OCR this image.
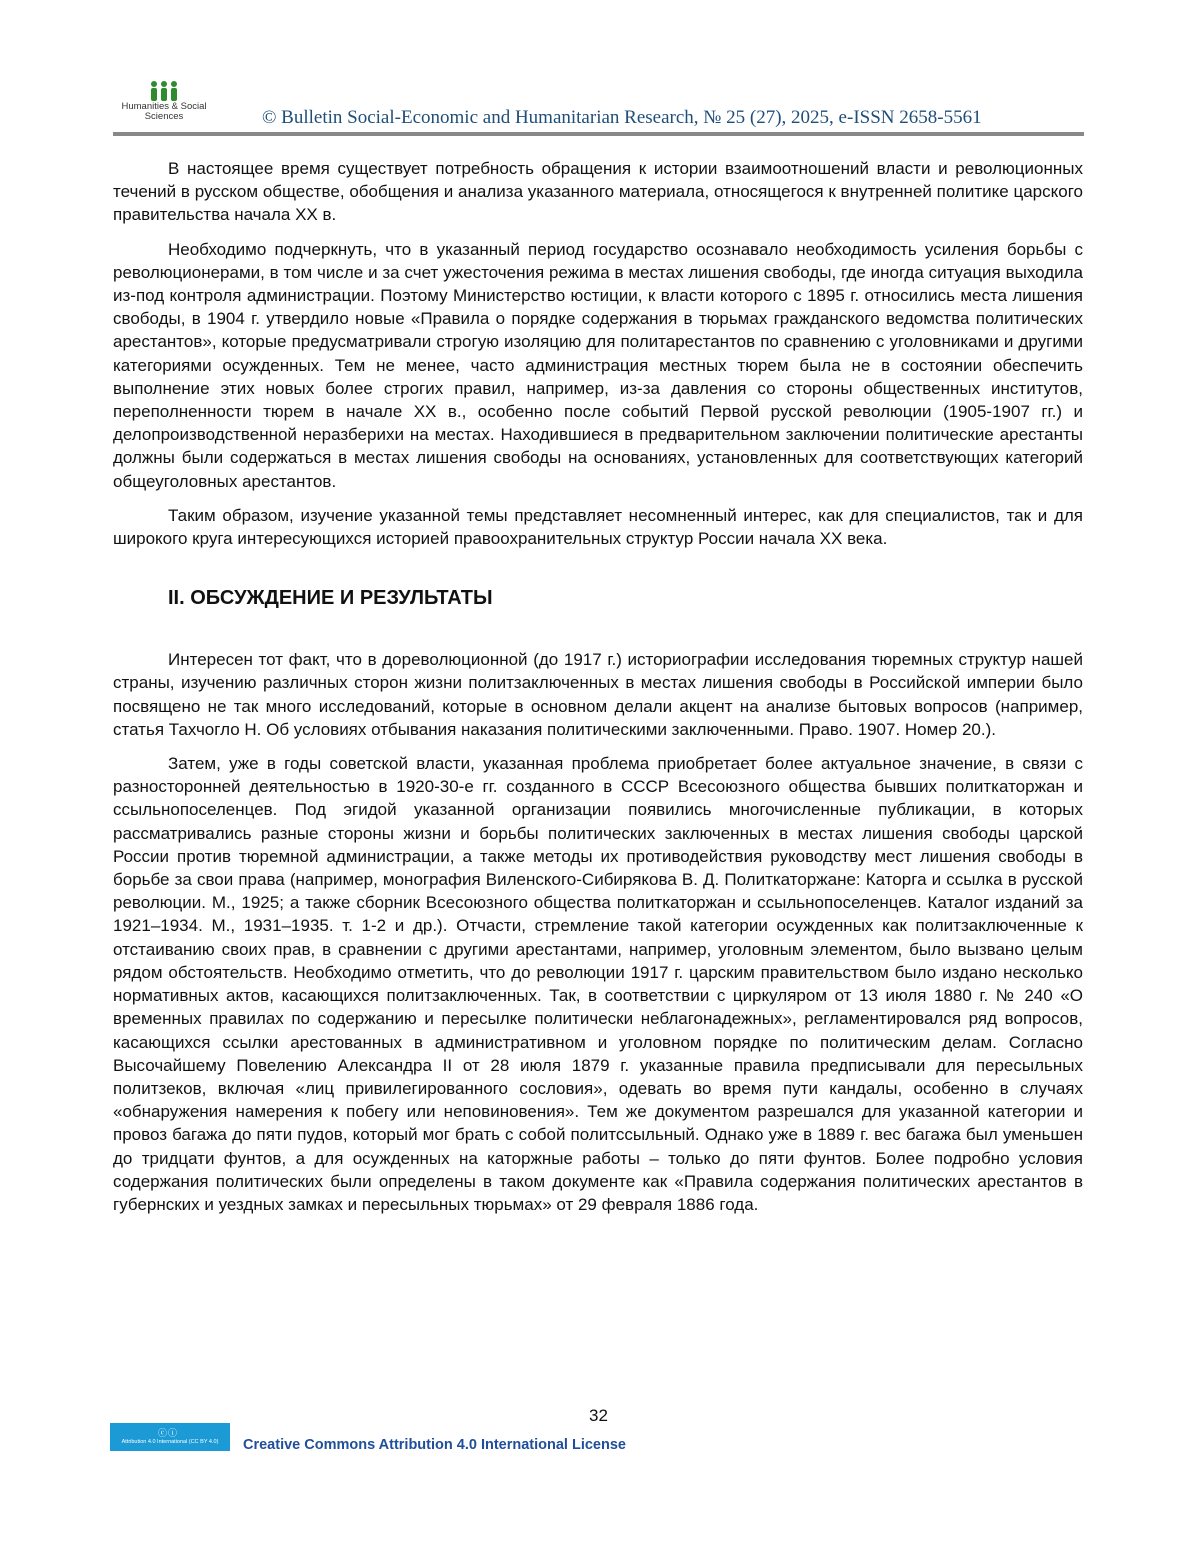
Humanities & Social
Sciences	© Bulletin Social-Economic and Humanitarian Research, № 25 (27), 2025, e-ISSN 2658-5561

В настоящее время существует потребность обращения к истории взаимоотношений власти и революционных течений в русском обществе, обобщения и анализа указанного материала, относящегося к внутренней политике царского правительства начала XX в.

Необходимо подчеркнуть, что в указанный период государство осознавало необходимость усиления борьбы с революционерами, в том числе и за счет ужесточения режима в местах лишения свободы, где иногда ситуация выходила из-под контроля администрации. Поэтому Министерство юстиции, к власти которого с 1895 г. относились места лишения свободы, в 1904 г. утвердило новые «Правила о порядке содержания в тюрьмах гражданского ведомства политических арестантов», которые предусматривали строгую изоляцию для политарестантов по сравнению с уголовниками и другими категориями осужденных. Тем не менее, часто администрация местных тюрем была не в состоянии обеспечить выполнение этих новых более строгих правил, например, из-за давления со стороны общественных институтов, переполненности тюрем в начале XX в., особенно после событий Первой русской революции (1905-1907 гг.) и делопроизводственной неразберихи на местах. Находившиеся в предварительном заключении политические арестанты должны были содержаться в местах лишения свободы на основаниях, установленных для соответствующих категорий общеуголовных арестантов.

Таким образом, изучение указанной темы представляет несомненный интерес, как для специалистов, так и для широкого круга интересующихся историей правоохранительных структур России начала XX века.

II. ОБСУЖДЕНИЕ И РЕЗУЛЬТАТЫ

Интересен тот факт, что в дореволюционной (до 1917 г.) историографии исследования тюремных структур нашей страны, изучению различных сторон жизни политзаключенных в местах лишения свободы в Российской империи было посвящено не так много исследований, которые в основном делали акцент на анализе бытовых вопросов (например, статья Тахчогло Н. Об условиях отбывания наказания политическими заключенными. Право. 1907. Номер 20.).

Затем, уже в годы советской власти, указанная проблема приобретает более актуальное значение, в связи с разносторонней деятельностью в 1920-30-е гг. созданного в СССР Всесоюзного общества бывших политкаторжан и ссыльнопоселенцев. Под эгидой указанной организации появились многочисленные публикации, в которых рассматривались разные стороны жизни и борьбы политических заключенных в местах лишения свободы царской России против тюремной администрации, а также методы их противодействия руководству мест лишения свободы в борьбе за свои права (например, монография Виленского-Сибирякова В. Д. Политкаторжане: Каторга и ссылка в русской революции. М., 1925; а также сборник Всесоюзного общества политкаторжан и ссыльнопоселенцев. Каталог изданий за 1921–1934. М., 1931–1935. т. 1-2 и др.). Отчасти, стремление такой категории осужденных как политзаключенные к отстаиванию своих прав, в сравнении с другими арестантами, например, уголовным элементом, было вызвано целым рядом обстоятельств. Необходимо отметить, что до революции 1917 г. царским правительством было издано несколько нормативных актов, касающихся политзаключенных. Так, в соответствии с циркуляром от 13 июля 1880 г. № 240 «О временных правилах по содержанию и пересылке политически неблагонадежных», регламентировался ряд вопросов, касающихся ссылки арестованных в административном и уголовном порядке по политическим делам. Согласно Высочайшему Повелению Александра II от 28 июля 1879 г. указанные правила предписывали для пересыльных политзеков, включая «лиц привилегированного сословия», одевать во время пути кандалы, особенно в случаях «обнаружения намерения к побегу или неповиновения». Тем же документом разрешался для указанной категории и провоз багажа до пяти пудов, который мог брать с собой политссыльный. Однако уже в 1889 г. вес багажа был уменьшен до тридцати фунтов, а для осужденных на каторжные работы – только до пяти фунтов. Более подробно условия содержания политических были определены в таком документе как «Правила содержания политических арестантов в губернских и уездных замках и пересыльных тюрьмах» от 29 февраля 1886 года.

32
ⓒⓘ
Attribution 4.0 International (CC BY 4.0)	Creative Commons Attribution 4.0 International License
